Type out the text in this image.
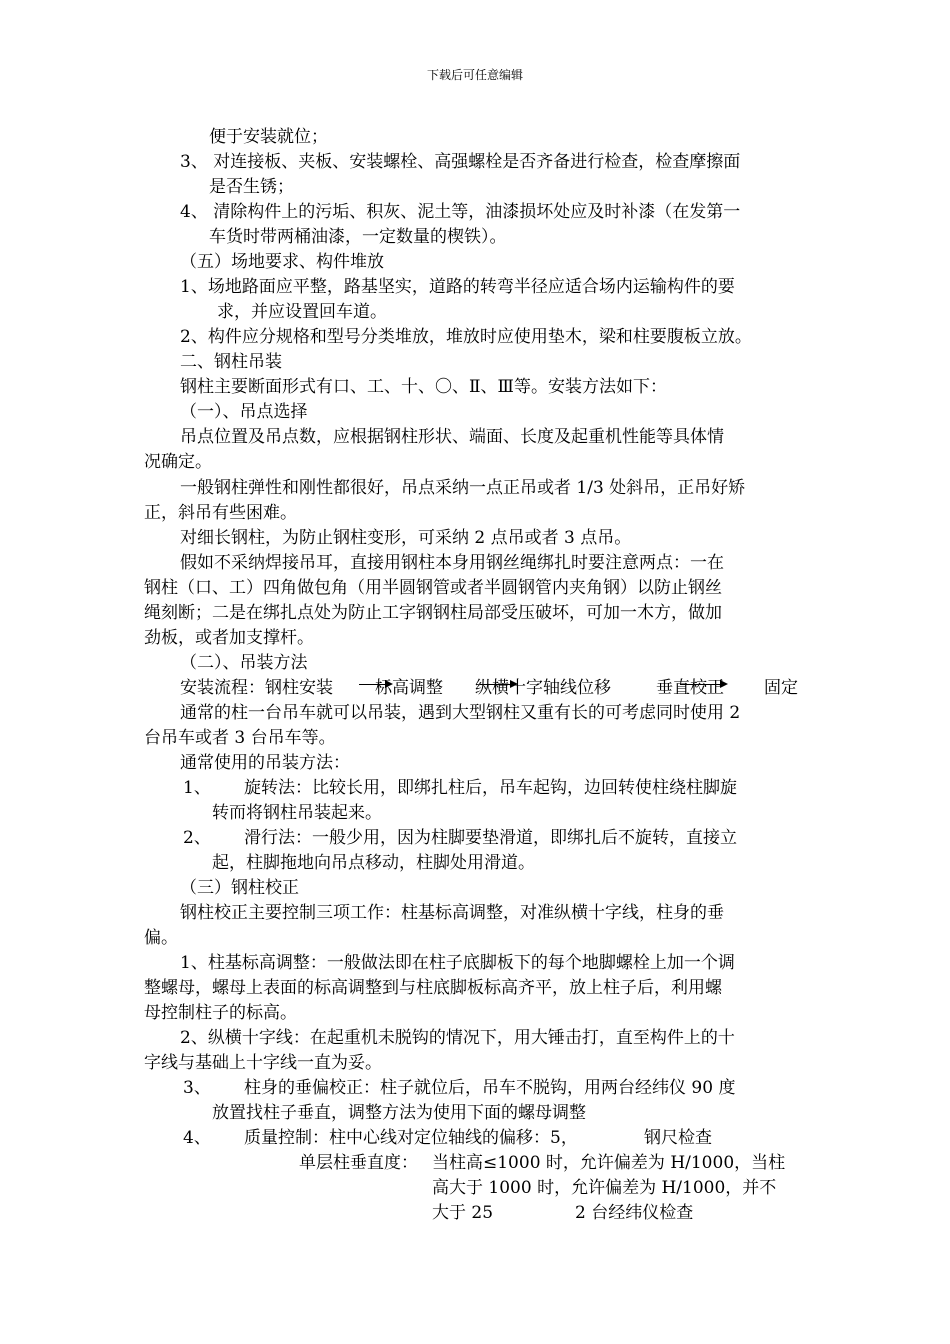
下载后可任意编辑
便于安装就位；
3、 对连接板、夹板、安装螺栓、高强螺栓是否齐备进行检查，检查摩擦面
是否生锈；
4、 清除构件上的污垢、积灰、泥土等，油漆损坏处应及时补漆（在发第一
车货时带两桶油漆，一定数量的楔铁）。
（五）场地要求、构件堆放
1、场地路面应平整，路基坚实，道路的转弯半径应适合场内运输构件的要
求，并应设置回车道。
2、构件应分规格和型号分类堆放，堆放时应使用垫木，梁和柱要腹板立放。
二、钢柱吊装
钢柱主要断面形式有口、工、十、〇、Ⅱ、Ⅲ等。安装方法如下：
（一）、吊点选择
吊点位置及吊点数，应根据钢柱形状、端面、长度及起重机性能等具体情
况确定。
一般钢柱弹性和刚性都很好，吊点采纳一点正吊或者 1/3 处斜吊，正吊好矫
正，斜吊有些困难。
对细长钢柱，为防止钢柱变形，可采纳 2 点吊或者 3 点吊。
假如不采纳焊接吊耳，直接用钢柱本身用钢丝绳绑扎时要注意两点：一在
钢柱（口、工）四角做包角（用半圆钢管或者半圆钢管内夹角钢）以防止钢丝
绳刻断；二是在绑扎点处为防止工字钢钢柱局部受压破坏，可加一木方，做加
劲板，或者加支撑杆。
（二）、吊装方法
安装流程：钢柱安装 标高调整 纵横十字轴线位移	垂直校正 固定
通常的柱一台吊车就可以吊装，遇到大型钢柱又重有长的可考虑同时使用 2
台吊车或者 3 台吊车等。
通常使用的吊装方法：
1、 旋转法：比较长用，即绑扎柱后，吊车起钩，边回转使柱绕柱脚旋
转而将钢柱吊装起来。
2、 滑行法：一般少用，因为柱脚要垫滑道，即绑扎后不旋转，直接立
起，柱脚拖地向吊点移动，柱脚处用滑道。
（三）钢柱校正
钢柱校正主要控制三项工作：柱基标高调整，对准纵横十字线，柱身的垂
偏。
1、柱基标高调整：一般做法即在柱子底脚板下的每个地脚螺栓上加一个调
整螺母，螺母上表面的标高调整到与柱底脚板标高齐平，放上柱子后，利用螺
母控制柱子的标高。
2、纵横十字线：在起重机未脱钩的情况下，用大锤击打，直至构件上的十
字线与基础上十字线一直为妥。
3、 柱身的垂偏校正：柱子就位后，吊车不脱钩，用两台经纬仪 90 度
放置找柱子垂直，调整方法为使用下面的螺母调整
4、 质量控制：柱中心线对定位轴线的偏移：5，	钢尺检查
单层柱垂直度： 当柱高≤1000 时，允许偏差为 H/1000，当柱
高大于 1000 时，允许偏差为 H/1000，并不
大于 25	2 台经纬仪检查
